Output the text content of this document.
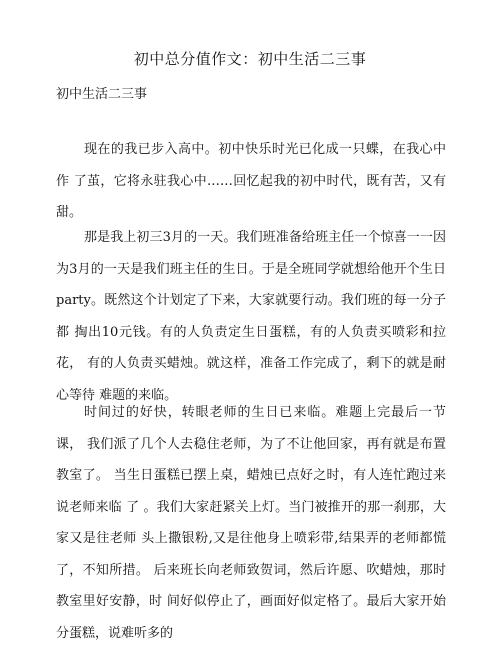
初中总分值作文：初中生活二三事

初中生活二三事

现在的我已步入高中。初中快乐时光已化成一只蝶，在我心中作 了茧，它将永驻我心中……回忆起我的初中时代，既有苦，又有甜。

那是我上初三3月的一天。我们班准备给班主任一个惊喜一一因 为3月的一天是我们班主任的生日。于是全班同学就想给他开个生日 party。既然这个计划定了下来，大家就要行动。我们班的每一分子都 掏出10元钱。有的人负责定生日蛋糕，有的人负责买喷彩和拉花， 有的人负责买蜡烛。就这样，准备工作完成了，剩下的就是耐心等待 难题的来临。

时间过的好快，转眼老师的生日已来临。难题上完最后一节课， 我们派了几个人去稳住老师，为了不让他回家，再有就是布置教室了。 当生日蛋糕已摆上桌，蜡烛已点好之时，有人连忙跑过来说老师来临 了 。我们大家赶紧关上灯。当门被推开的那一刹那，大家又是往老师 头上撒银粉,又是往他身上喷彩带,结果弄的老师都慌了，不知所措。 后来班长向老师致贺词，然后许愿、吹蜡烛，那时教室里好安静，时 间好似停止了，画面好似定格了。最后大家开始分蛋糕，说难听多的
